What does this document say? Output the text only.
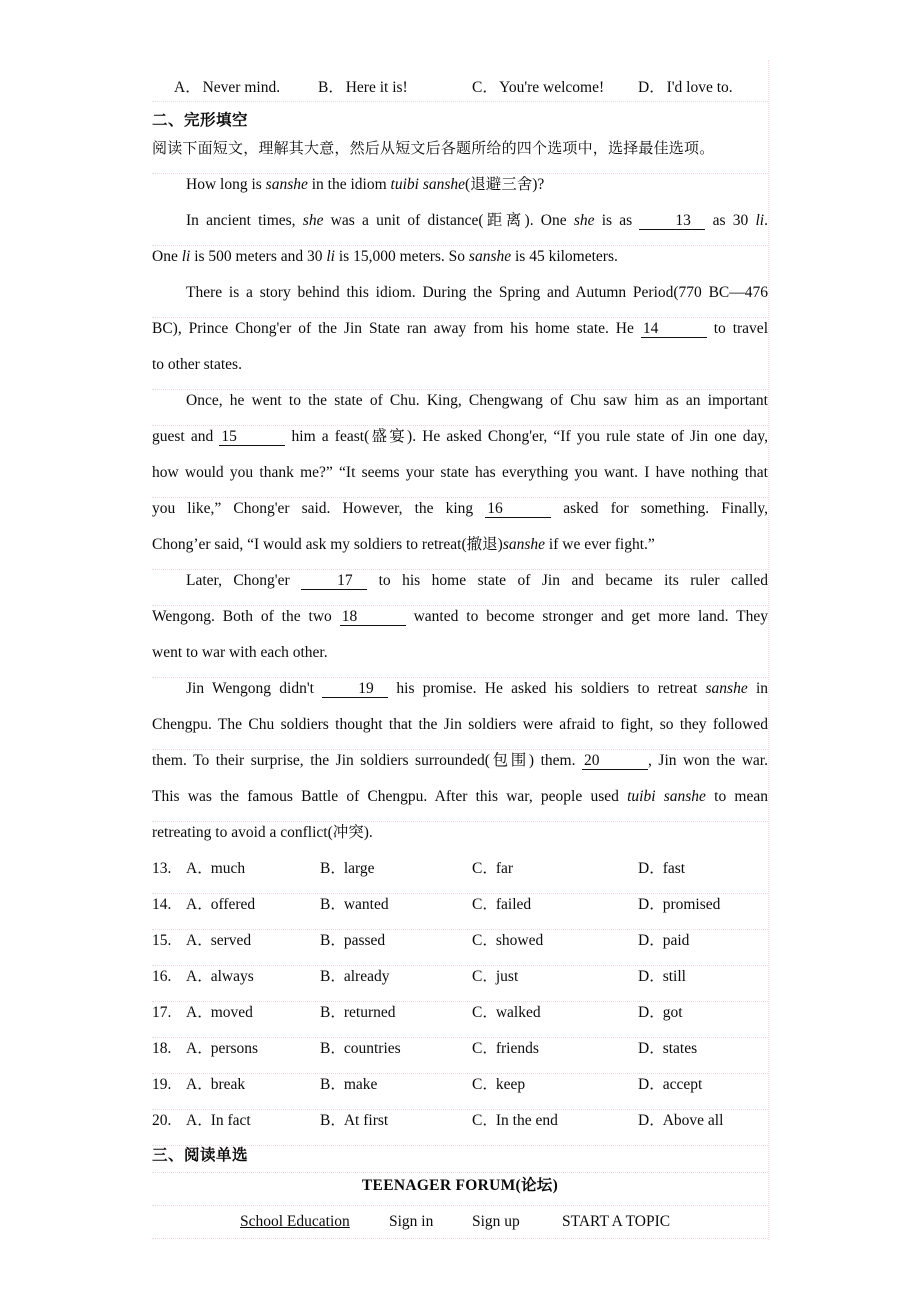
A ． Never mind. B ． Here it is!	C ． You're welcome! D ． I'd love to.
二、完形填空
阅读下面短文，理解其大意，然后从短文后各题所给的四个选项中，选择最佳选项。
How long is sanshe in the idiom tuibi sanshe(退避三舍)?
In ancient times, she was a unit of distance(距离). One she is as 13 as 30 li.
One li is 500 meters and 30 li is 15,000 meters. So sanshe is 45 kilometers.
There is a story behind this idiom. During the Spring and Autumn Period(770 BC—476
BC), Prince Chong'er of the Jin State ran away from his home state. He 14	to travel
to other states.
Once, he went to the state of Chu. King, Chengwang of Chu saw him as an important
guest and 15	him a feast(盛宴). He asked Chong'er, “If you rule state of Jin one day,
how would you thank me?” “It seems your state has everything you want. I have nothing that
you like,” Chong'er said. However, the king 16	asked for something. Finally,
Chong’er said, “I would ask my soldiers to retreat(撤退)sanshe if we ever fight.”
Later, Chong'er 17 to his home state of Jin and became its ruler called
Wengong. Both of the two 18	wanted to become stronger and get more land. They
went to war with each other.
Jin Wengong didn't 19 his promise. He asked his soldiers to retreat sanshe in
Chengpu. The Chu soldiers thought that the Jin soldiers were afraid to fight, so they followed
them. To their surprise, the Jin soldiers surrounded(包围) them. 20	, Jin won the war.
This was the famous Battle of Chengpu. After this war, people used tuibi sanshe to mean
retreating to avoid a conflict(冲突).
13. A ． much	B ． large	C ． far	D ． fast
14. A ． offered	B ． wanted	C ． failed	D ． promised
15. A ． served	B ． passed	C ． showed	D ． paid
16. A ． always	B ． already	C ． just	D ． still
17. A ． moved	B ． returned	C ． walked	D ． got
18. A ． persons	B ． countries	C ． friends	D ． states
19. A ． break	B ． make	C ． keep	D ． accept
20. A ． In fact	B ． At first	C ． In the end	D ． Above all
三、阅读单选
TEENAGER FORUM(论坛)
School Education	Sign in Sign up	START A TOPIC
